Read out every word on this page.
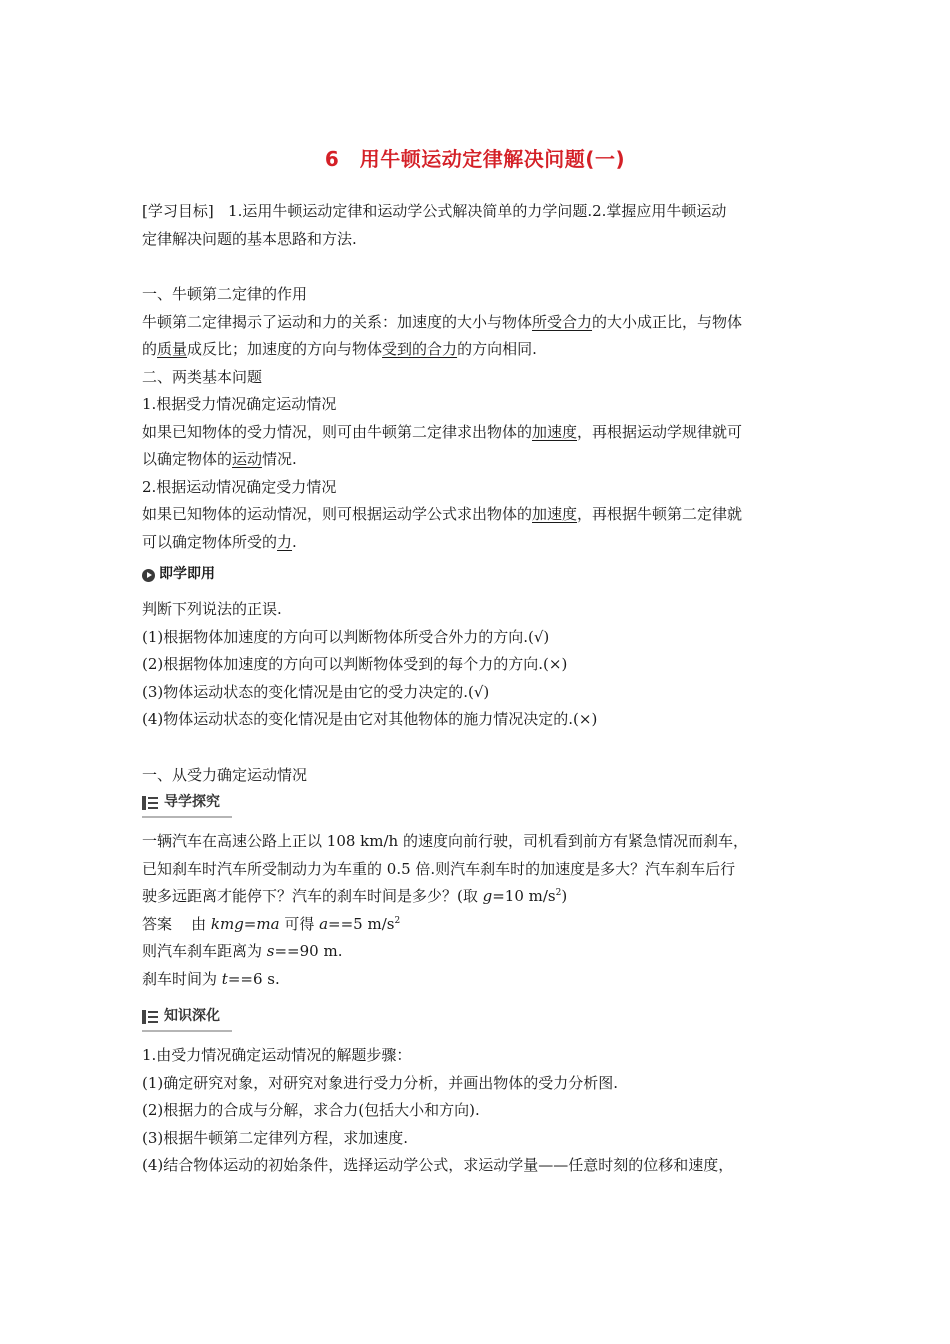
6　用牛顿运动定律解决问题(一)
[学习目标] 1.运用牛顿运动定律和运动学公式解决简单的力学问题.2.掌握应用牛顿运动
定律解决问题的基本思路和方法.
一、牛顿第二定律的作用
牛顿第二定律揭示了运动和力的关系：加速度的大小与物体所受合力的大小成正比，与物体
的质量成反比；加速度的方向与物体受到的合力的方向相同.
二、两类基本问题
1.根据受力情况确定运动情况
如果已知物体的受力情况，则可由牛顿第二定律求出物体的加速度，再根据运动学规律就可
以确定物体的运动情况.
2.根据运动情况确定受力情况
如果已知物体的运动情况，则可根据运动学公式求出物体的加速度，再根据牛顿第二定律就
可以确定物体所受的力.
即学即用
判断下列说法的正误.
(1)根据物体加速度的方向可以判断物体所受合外力的方向.(√)
(2)根据物体加速度的方向可以判断物体受到的每个力的方向.(×)
(3)物体运动状态的变化情况是由它的受力决定的.(√)
(4)物体运动状态的变化情况是由它对其他物体的施力情况决定的.(×)
一、从受力确定运动情况
导学探究
一辆汽车在高速公路上正以 108 km/h 的速度向前行驶，司机看到前方有紧急情况而刹车，
已知刹车时汽车所受制动力为车重的 0.5 倍.则汽车刹车时的加速度是多大？汽车刹车后行
驶多远距离才能停下？汽车的刹车时间是多少？(取 g=10 $m/s^2$)
答案 由 kmg=ma 可得 a==5 $m/s^2$
则汽车刹车距离为 s==90 m.
刹车时间为 t==6 s.
知识深化
1.由受力情况确定运动情况的解题步骤：
(1)确定研究对象，对研究对象进行受力分析，并画出物体的受力分析图.
(2)根据力的合成与分解，求合力(包括大小和方向).
(3)根据牛顿第二定律列方程，求加速度.
(4)结合物体运动的初始条件，选择运动学公式，求运动学量——任意时刻的位移和速度，
